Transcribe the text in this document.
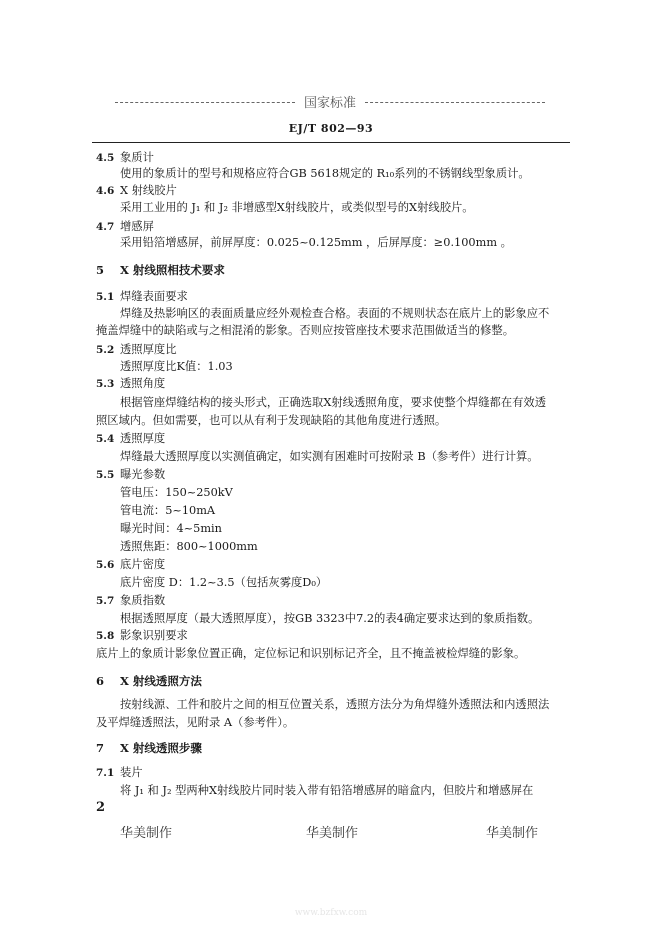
国家标准
EJ/T 802—93
4.5 象质计
使用的象质计的型号和规格应符合GB 5618规定的 R₁₀系列的不锈钢线型象质计。
4.6 X 射线胶片
采用工业用的 J₁ 和 J₂ 非增感型X射线胶片，或类似型号的X射线胶片。
4.7 增感屏
采用铅箔增感屏，前屏厚度：0.025~0.125mm ，后屏厚度：≥0.100mm 。
5 X 射线照相技术要求
5.1 焊缝表面要求
焊缝及热影响区的表面质量应经外观检查合格。表面的不规则状态在底片上的影象应不
掩盖焊缝中的缺陷或与之相混淆的影象。否则应按管座技术要求范围做适当的修整。
5.2 透照厚度比
透照厚度比K值：1.03
5.3 透照角度
根据管座焊缝结构的接头形式，正确选取X射线透照角度，要求使整个焊缝都在有效透
照区域内。但如需要，也可以从有利于发现缺陷的其他角度进行透照。
5.4 透照厚度
焊缝最大透照厚度以实测值确定，如实测有困难时可按附录 B（参考件）进行计算。
5.5 曝光参数
管电压：150~250kV
管电流：5~10mA
曝光时间：4~5min
透照焦距：800~1000mm
5.6 底片密度
底片密度 D：1.2~3.5（包括灰雾度D₀）
5.7 象质指数
根据透照厚度（最大透照厚度），按GB 3323中7.2的表4确定要求达到的象质指数。
5.8 影象识别要求
底片上的象质计影象位置正确，定位标记和识别标记齐全，且不掩盖被检焊缝的影象。
6 X 射线透照方法
按射线源、工件和胶片之间的相互位置关系，透照方法分为角焊缝外透照法和内透照法
及平焊缝透照法，见附录 A（参考件）。
7 X 射线透照步骤
7.1 装片
将 J₁ 和 J₂ 型两种X射线胶片同时装入带有铅箔增感屏的暗盒内，但胶片和增感屏在
2
华美制作	华美制作	华美制作
www.bzfxw.com
